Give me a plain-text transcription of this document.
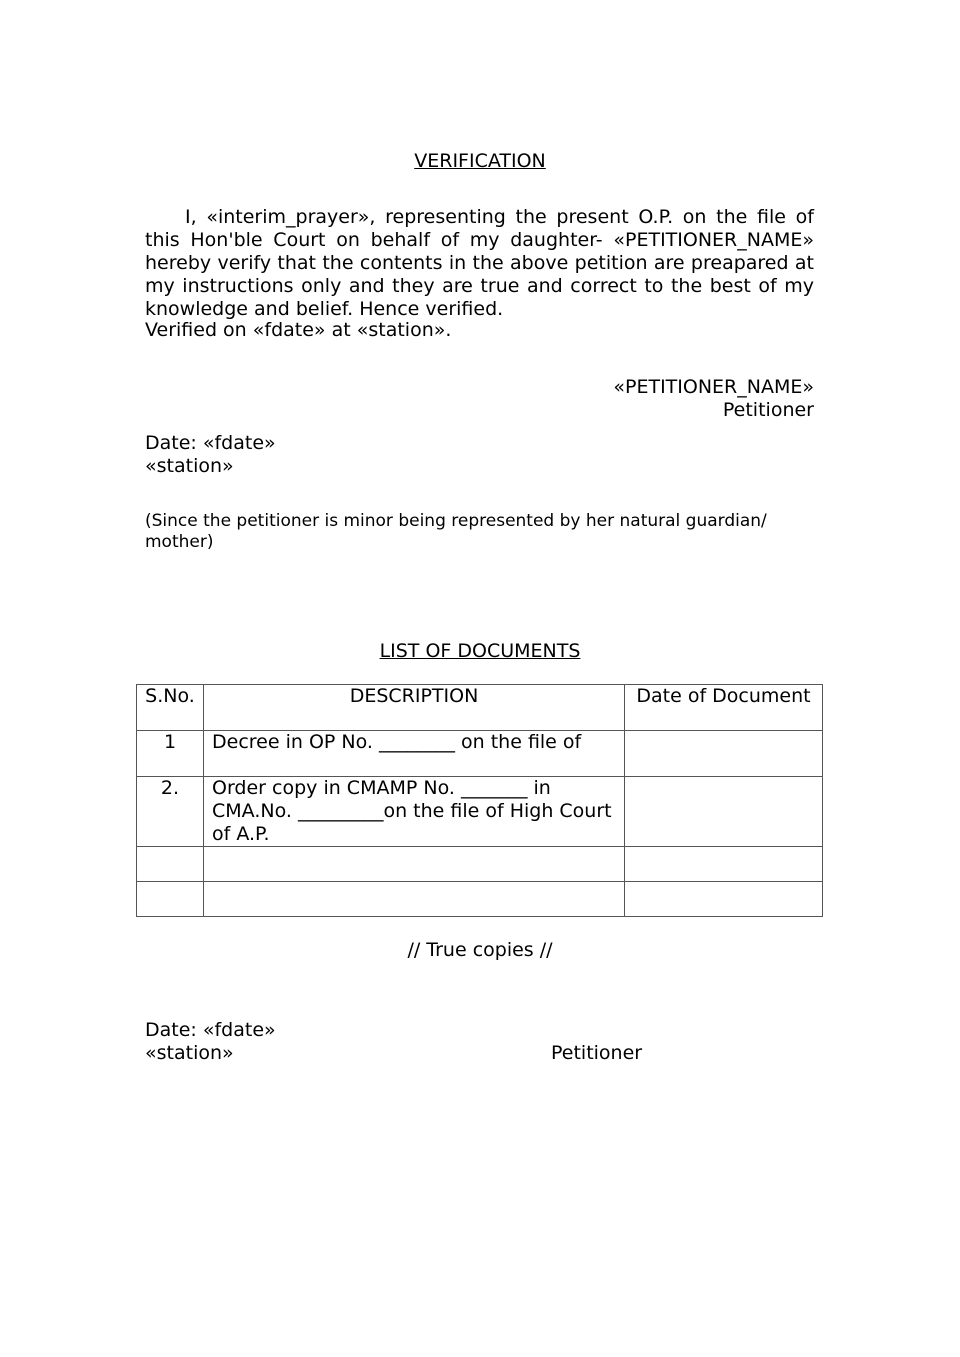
VERIFICATION

I, «interim_prayer», representing the present O.P. on the file of this Hon'ble Court on behalf of my daughter- «PETITIONER_NAME» hereby verify that the contents in the above petition are preapared at my instructions only and they are true and correct to the best of my knowledge and belief. Hence verified.

Verified on «fdate» at «station».
«PETITIONER_NAME»
Petitioner
Date: «fdate»
«station»
(Since the petitioner is minor being represented by her natural guardian/ mother)
LIST OF DOCUMENTS
S.No.	DESCRIPTION	Date of Document
1	Decree in OP No. ________ on the file of	
2.	Order copy in CMAMP No. _______ in CMA.No. _________on the file of High Court of A.P.	

// True copies //
Date: «fdate»
«station»	Petitioner
